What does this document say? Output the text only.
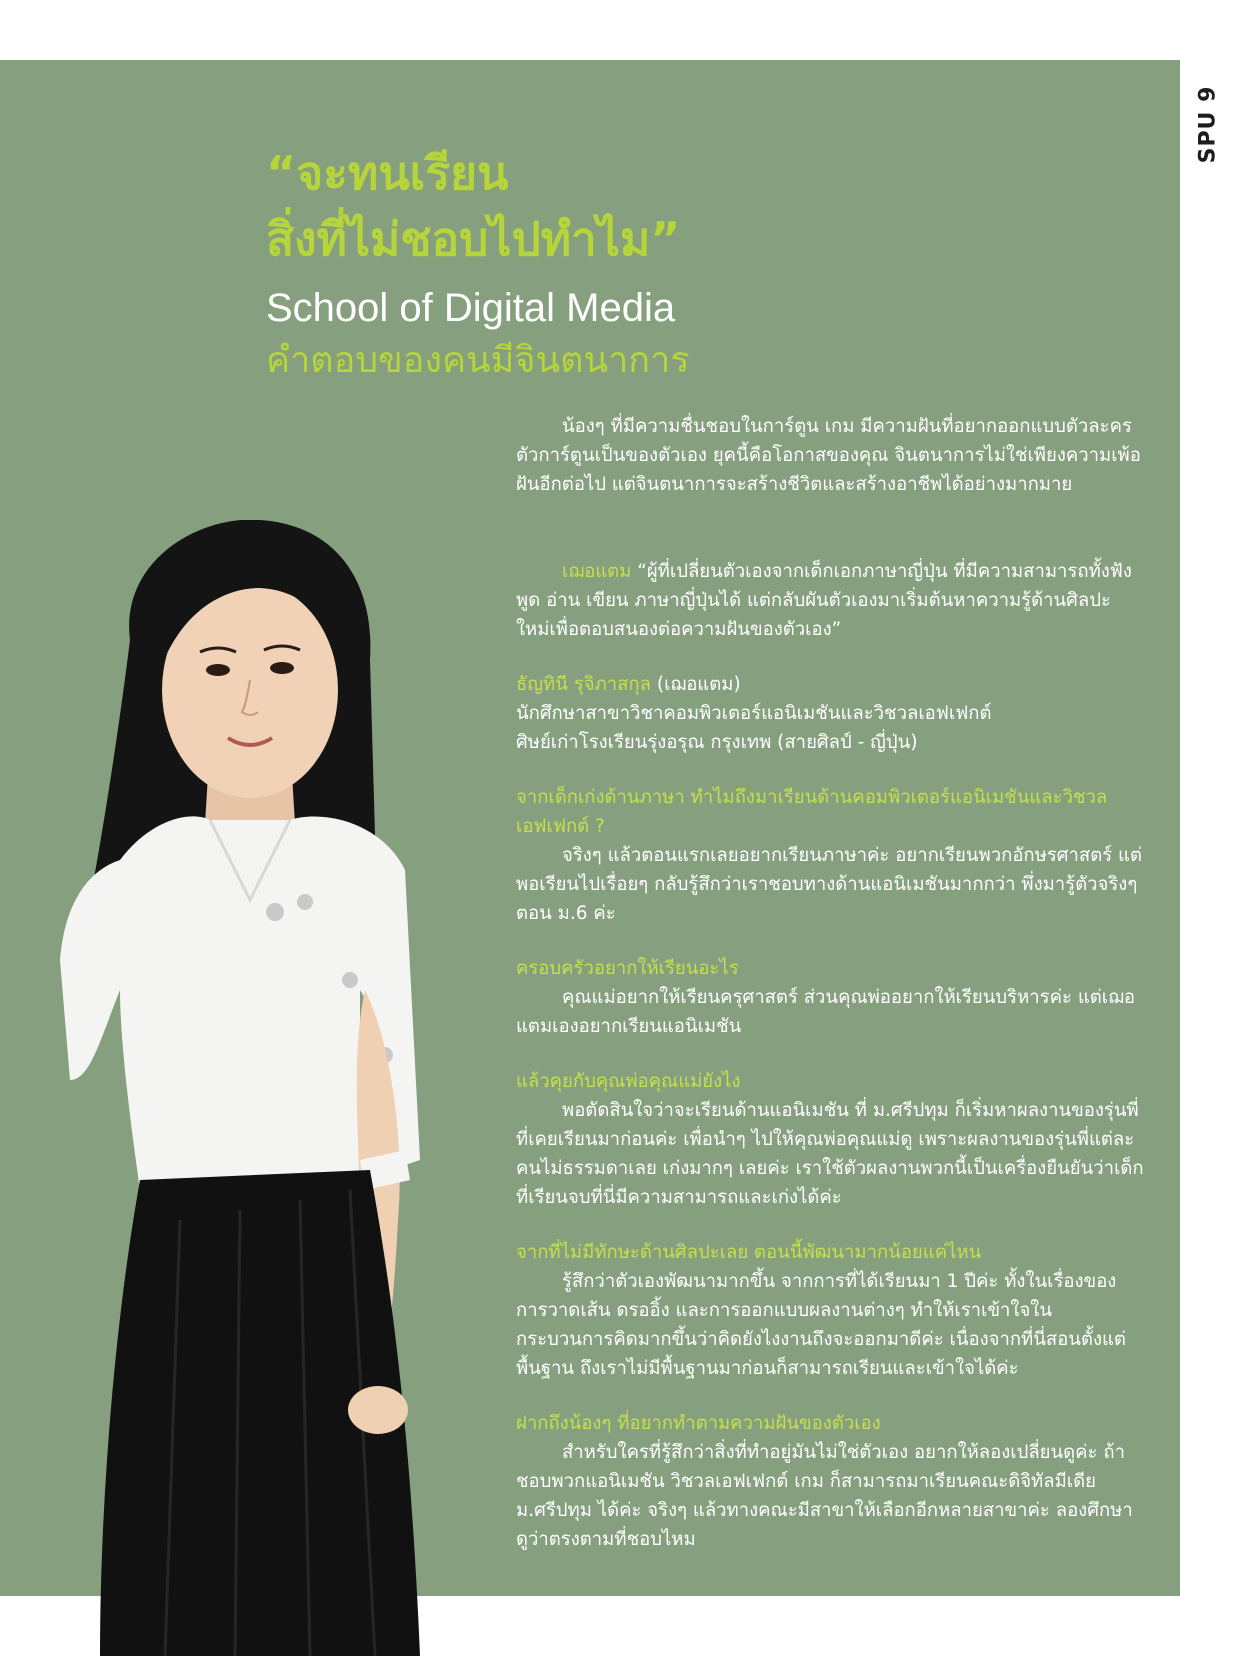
SPU 9
“จะทนเรียน
สิ่งที่ไม่ชอบไปทำไม”
School of Digital Media
คำตอบของคนมีจินตนาการ

น้องๆ ที่มีความชื่นชอบในการ์ตูน เกม มีความฝันที่อยากออกแบบตัวละครตัวการ์ตูนเป็นของตัวเอง ยุคนี้คือโอกาสของคุณ จินตนาการไม่ใช่เพียงความเพ้อฝันอีกต่อไป แต่จินตนาการจะสร้างชีวิตและสร้างอาชีพได้อย่างมากมาย

เฌอแตม “ผู้ที่เปลี่ยนตัวเองจากเด็กเอกภาษาญี่ปุ่น ที่มีความสามารถทั้งฟัง พูด อ่าน เขียน ภาษาญี่ปุ่นได้ แต่กลับผันตัวเองมาเริ่มต้นหาความรู้ด้านศิลปะใหม่เพื่อตอบสนองต่อความฝันของตัวเอง”

ธัญทินี รุจิภาสกุล (เฌอแตม)

นักศึกษาสาขาวิชาคอมพิวเตอร์แอนิเมชันและวิชวลเอฟเฟกต์

ศิษย์เก่าโรงเรียนรุ่งอรุณ กรุงเทพ (สายศิลป์ - ญี่ปุ่น)

จากเด็กเก่งด้านภาษา ทำไมถึงมาเรียนด้านคอมพิวเตอร์แอนิเมชันและวิชวลเอฟเฟกต์ ?

จริงๆ แล้วตอนแรกเลยอยากเรียนภาษาค่ะ อยากเรียนพวกอักษรศาสตร์ แต่พอเรียนไปเรื่อยๆ กลับรู้สึกว่าเราชอบทางด้านแอนิเมชันมากกว่า พึ่งมารู้ตัวจริงๆ ตอน ม.6 ค่ะ

ครอบครัวอยากให้เรียนอะไร

คุณแม่อยากให้เรียนครุศาสตร์ ส่วนคุณพ่ออยากให้เรียนบริหารค่ะ แต่เฌอแตมเองอยากเรียนแอนิเมชัน

แล้วคุยกับคุณพ่อคุณแม่ยังไง

พอตัดสินใจว่าจะเรียนด้านแอนิเมชัน ที่ ม.ศรีปทุม ก็เริ่มหาผลงานของรุ่นพี่ที่เคยเรียนมาก่อนค่ะ เพื่อนำๆ ไปให้คุณพ่อคุณแม่ดู เพราะผลงานของรุ่นพี่แต่ละคนไม่ธรรมดาเลย เก่งมากๆ เลยค่ะ เราใช้ตัวผลงานพวกนี้เป็นเครื่องยืนยันว่าเด็กที่เรียนจบที่นี่มีความสามารถและเก่งได้ค่ะ

จากที่ไม่มีทักษะด้านศิลปะเลย ตอนนี้พัฒนามากน้อยแค่ไหน

รู้สึกว่าตัวเองพัฒนามากขึ้น จากการที่ได้เรียนมา 1 ปีค่ะ ทั้งในเรื่องของการวาดเส้น ดรออิ้ง และการออกแบบผลงานต่างๆ ทำให้เราเข้าใจในกระบวนการคิดมากขึ้นว่าคิดยังไงงานถึงจะออกมาดีค่ะ เนื่องจากที่นี่สอนตั้งแต่พื้นฐาน ถึงเราไม่มีพื้นฐานมาก่อนก็สามารถเรียนและเข้าใจได้ค่ะ

ฝากถึงน้องๆ ที่อยากทำตามความฝันของตัวเอง

สำหรับใครที่รู้สึกว่าสิ่งที่ทำอยู่มันไม่ใช่ตัวเอง อยากให้ลองเปลี่ยนดูค่ะ ถ้าชอบพวกแอนิเมชัน วิชวลเอฟเฟกต์ เกม ก็สามารถมาเรียนคณะดิจิทัลมีเดีย ม.ศรีปทุม ได้ค่ะ จริงๆ แล้วทางคณะมีสาขาให้เลือกอีกหลายสาขาค่ะ ลองศึกษาดูว่าตรงตามที่ชอบไหม
